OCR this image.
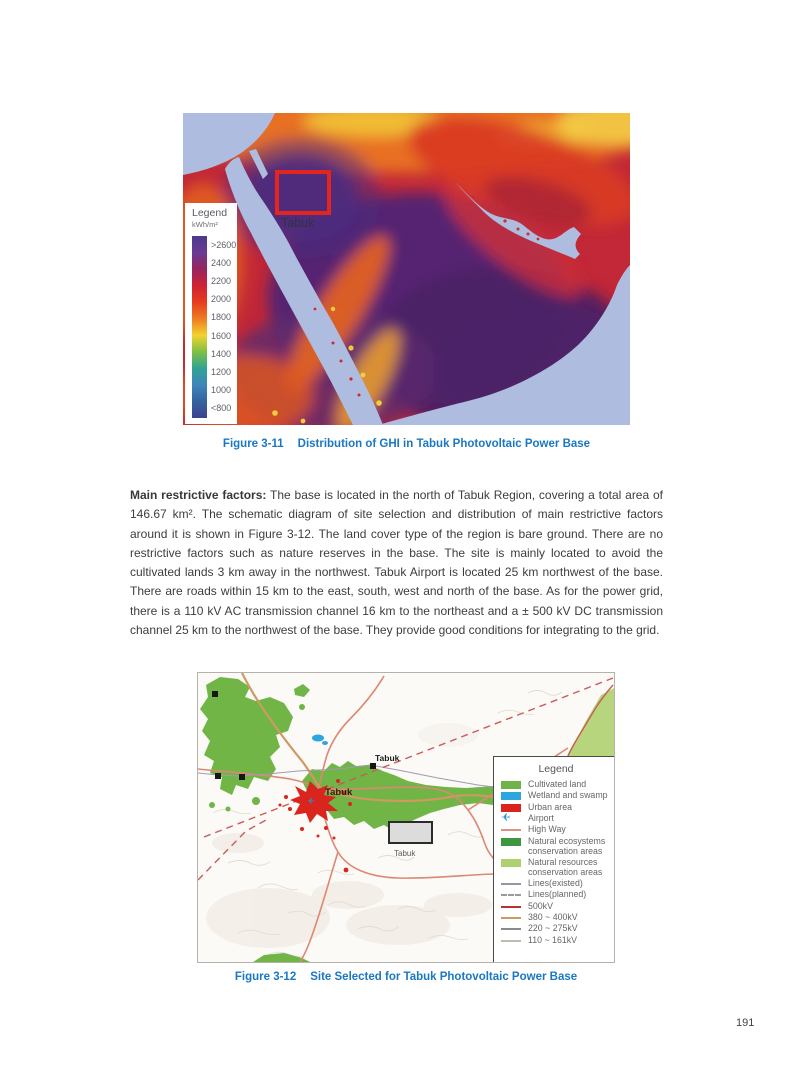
Legend
kWh/m²
>2600
2400
2200
2000
1800
1600
1400
1200
1000
<800
Tabuk
Figure 3-11 Distribution of GHI in Tabuk Photovoltaic Power Base

Main restrictive factors: The base is located in the north of Tabuk Region, covering a total area of 146.67 km². The schematic diagram of site selection and distribution of main restrictive factors around it is shown in Figure 3-12. The land cover type of the region is bare ground. There are no restrictive factors such as nature reserves in the base. The site is mainly located to avoid the cultivated lands 3 km away in the northwest. Tabuk Airport is located 25 km northwest of the base. There are roads within 15 km to the east, south, west and north of the base. As for the power grid, there is a 110 kV AC transmission channel 16 km to the northeast and a ± 500 kV DC transmission channel 25 km to the northwest of the base. They provide good conditions for integrating to the grid.

Tabuk
Tabuk
Tabuk
✈
Legend
Cultivated land
Wetland and swamp
Urban area
✈ Airport
High Way
Natural ecosystems conservation areas
Natural resources conservation areas
Lines(existed)
Lines(planned)
500kV
380 ~ 400kV
220 ~ 275kV
110 ~ 161kV
Figure 3-12 Site Selected for Tabuk Photovoltaic Power Base
191
